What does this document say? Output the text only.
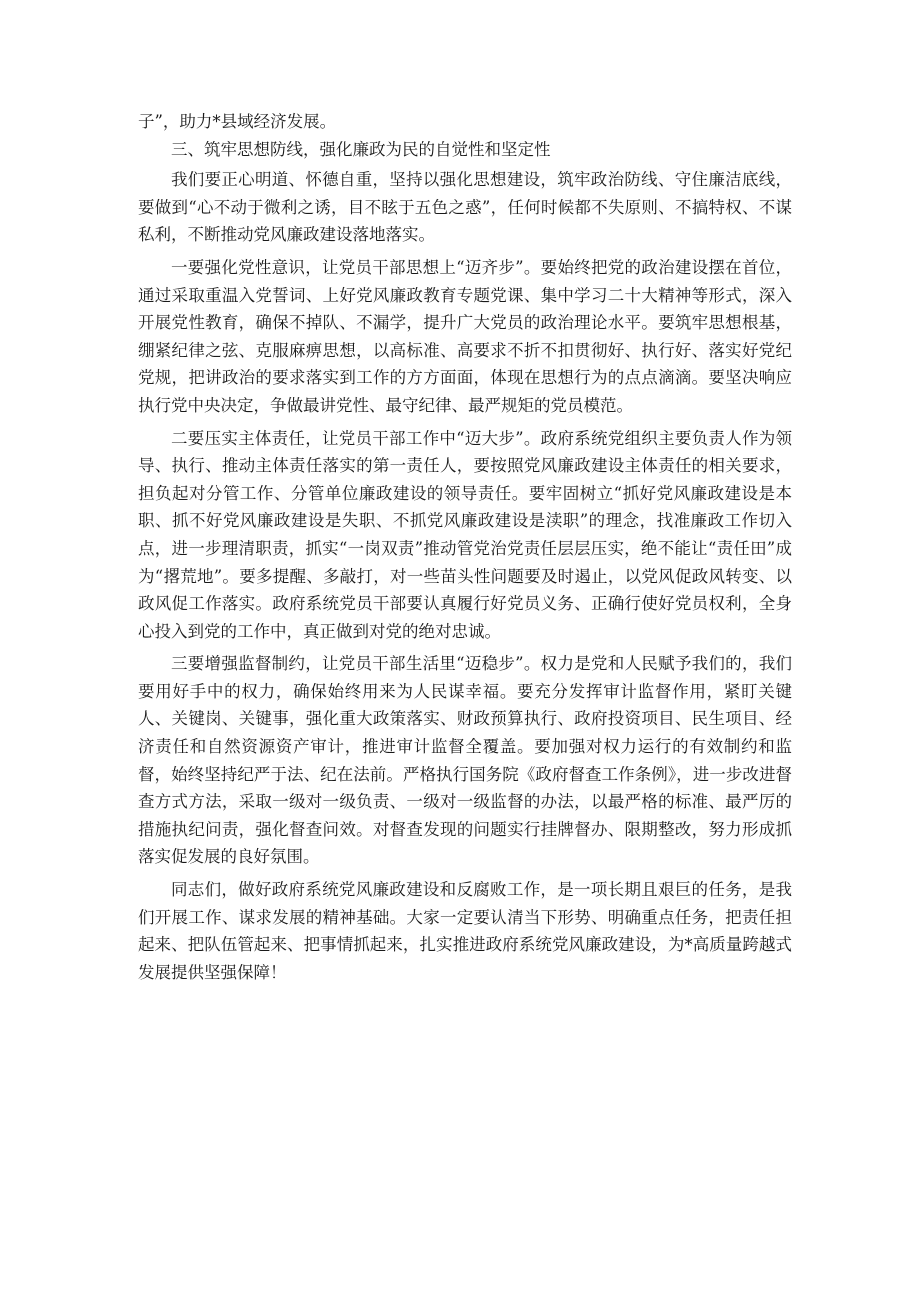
子”，助力*县域经济发展。

三、筑牢思想防线，强化廉政为民的自觉性和坚定性

我们要正心明道、怀德自重，坚持以强化思想建设，筑牢政治防线、守住廉洁底线，要做到“心不动于微利之诱，目不眩于五色之惑”，任何时候都不失原则、不搞特权、不谋私利，不断推动党风廉政建设落地落实。

一要强化党性意识，让党员干部思想上“迈齐步”。要始终把党的政治建设摆在首位，通过采取重温入党誓词、上好党风廉政教育专题党课、集中学习二十大精神等形式，深入开展党性教育，确保不掉队、不漏学，提升广大党员的政治理论水平。要筑牢思想根基，绷紧纪律之弦、克服麻痹思想，以高标准、高要求不折不扣贯彻好、执行好、落实好党纪党规，把讲政治的要求落实到工作的方方面面，体现在思想行为的点点滴滴。要坚决响应执行党中央决定，争做最讲党性、最守纪律、最严规矩的党员模范。

二要压实主体责任，让党员干部工作中“迈大步”。政府系统党组织主要负责人作为领导、执行、推动主体责任落实的第一责任人，要按照党风廉政建设主体责任的相关要求，担负起对分管工作、分管单位廉政建设的领导责任。要牢固树立“抓好党风廉政建设是本职、抓不好党风廉政建设是失职、不抓党风廉政建设是渎职”的理念，找准廉政工作切入点，进一步理清职责，抓实“一岗双责”推动管党治党责任层层压实，绝不能让“责任田”成为“撂荒地”。要多提醒、多敲打，对一些苗头性问题要及时遏止，以党风促政风转变、以政风促工作落实。政府系统党员干部要认真履行好党员义务、正确行使好党员权利，全身心投入到党的工作中，真正做到对党的绝对忠诚。

三要增强监督制约，让党员干部生活里“迈稳步”。权力是党和人民赋予我们的，我们要用好手中的权力，确保始终用来为人民谋幸福。要充分发挥审计监督作用，紧盯关键人、关键岗、关键事，强化重大政策落实、财政预算执行、政府投资项目、民生项目、经济责任和自然资源资产审计，推进审计监督全覆盖。要加强对权力运行的有效制约和监督，始终坚持纪严于法、纪在法前。严格执行国务院《政府督查工作条例》，进一步改进督查方式方法，采取一级对一级负责、一级对一级监督的办法，以最严格的标准、最严厉的措施执纪问责，强化督查问效。对督查发现的问题实行挂牌督办、限期整改，努力形成抓落实促发展的良好氛围。

同志们，做好政府系统党风廉政建设和反腐败工作，是一项长期且艰巨的任务，是我们开展工作、谋求发展的精神基础。大家一定要认清当下形势、明确重点任务，把责任担起来、把队伍管起来、把事情抓起来，扎实推进政府系统党风廉政建设，为*高质量跨越式发展提供坚强保障！
